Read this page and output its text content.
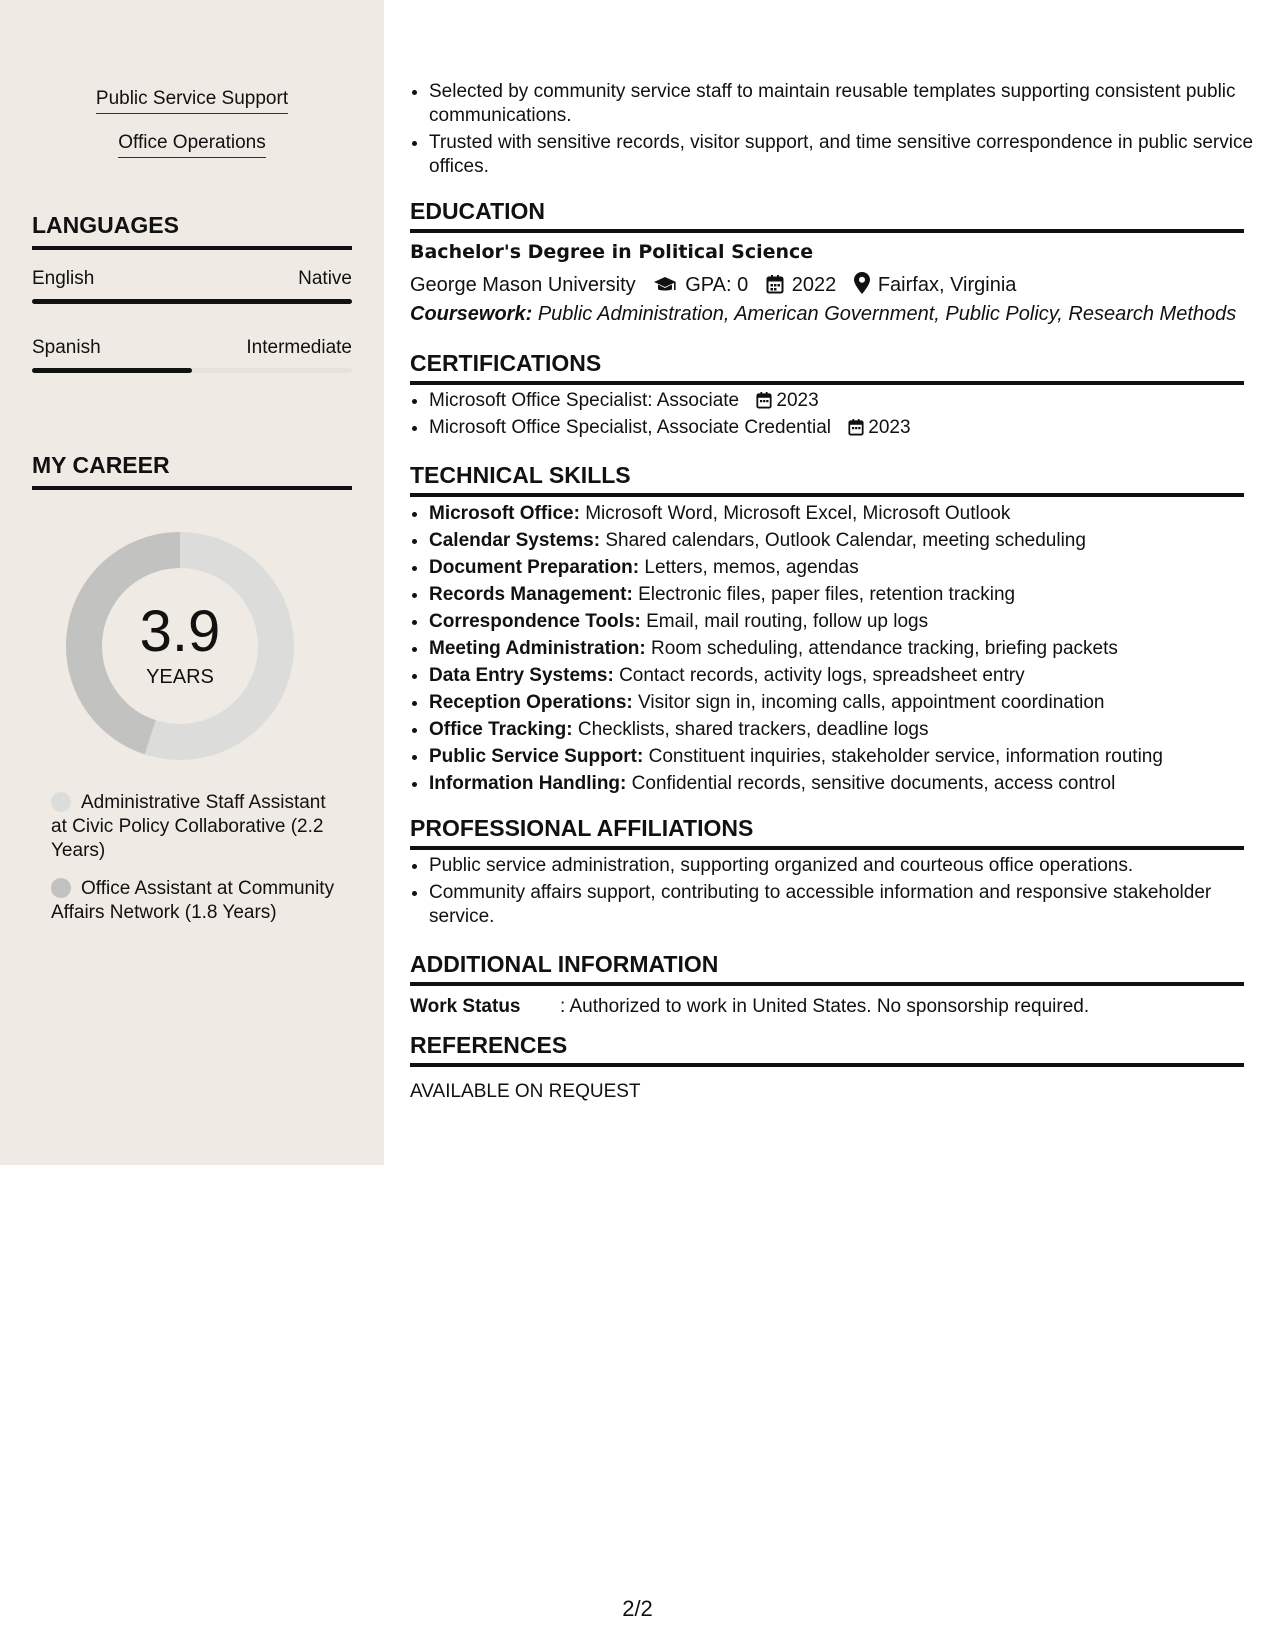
Public Service Support
Office Operations
LANGUAGES
English	Native
Spanish	Intermediate
MY CAREER
3.9
YEARS
Administrative Staff Assistant at Civic Policy Collaborative (2.2 Years)
Office Assistant at Community Affairs Network (1.8 Years)
• Selected by community service staff to maintain reusable templates supporting consistent public communications.
• Trusted with sensitive records, visitor support, and time sensitive correspondence in public service offices.
EDUCATION
Bachelor's Degree in Political Science
George Mason University GPA: 0 2022 Fairfax, Virginia
Coursework: Public Administration, American Government, Public Policy, Research Methods
CERTIFICATIONS
• Microsoft Office Specialist: Associate 2023
• Microsoft Office Specialist, Associate Credential 2023
TECHNICAL SKILLS
• Microsoft Office: Microsoft Word, Microsoft Excel, Microsoft Outlook
• Calendar Systems: Shared calendars, Outlook Calendar, meeting scheduling
• Document Preparation: Letters, memos, agendas
• Records Management: Electronic files, paper files, retention tracking
• Correspondence Tools: Email, mail routing, follow up logs
• Meeting Administration: Room scheduling, attendance tracking, briefing packets
• Data Entry Systems: Contact records, activity logs, spreadsheet entry
• Reception Operations: Visitor sign in, incoming calls, appointment coordination
• Office Tracking: Checklists, shared trackers, deadline logs
• Public Service Support: Constituent inquiries, stakeholder service, information routing
• Information Handling: Confidential records, sensitive documents, access control
PROFESSIONAL AFFILIATIONS
• Public service administration, supporting organized and courteous office operations.
• Community affairs support, contributing to accessible information and responsive stakeholder service.
ADDITIONAL INFORMATION
Work Status : Authorized to work in United States. No sponsorship required.
REFERENCES
AVAILABLE ON REQUEST
2/2
